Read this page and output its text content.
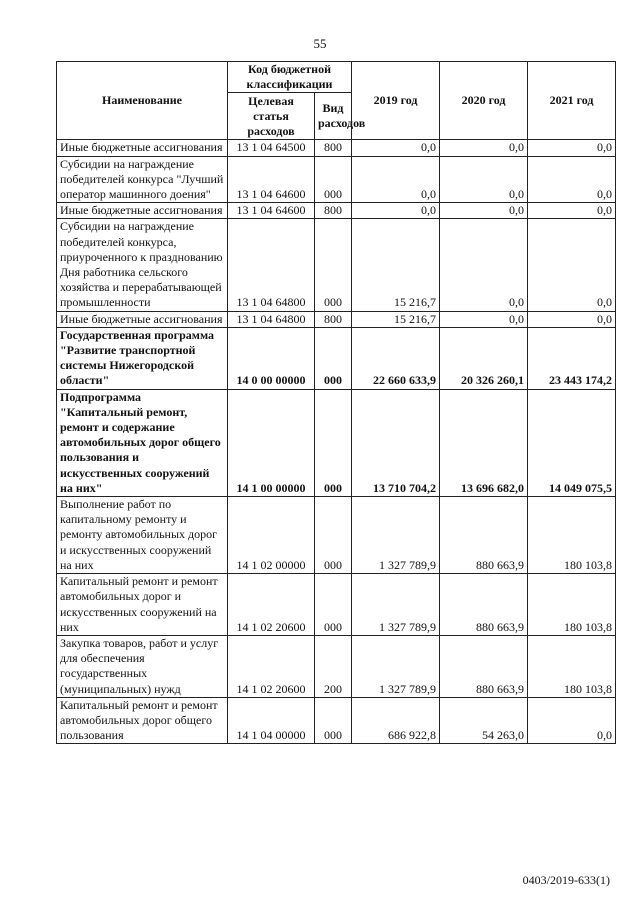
55
Наименование	Код бюджетной классификации		2019 год	2020 год	2021 год
	Целевая статья расходов	Вид расходов			
Иные бюджетные ассигнования	13 1 04 64500	800	0,0	0,0	0,0
Субсидии на награждение победителей конкурса "Лучший оператор машинного доения"	13 1 04 64600	000	0,0	0,0	0,0
Иные бюджетные ассигнования	13 1 04 64600	800	0,0	0,0	0,0
Субсидии на награждение победителей конкурса, приуроченного к празднованию Дня работника сельского хозяйства и перерабатывающей промышленности	13 1 04 64800	000	15 216,7	0,0	0,0
Иные бюджетные ассигнования	13 1 04 64800	800	15 216,7	0,0	0,0
Государственная программа "Развитие транспортной системы Нижегородской области"	14 0 00 00000	000	22 660 633,9	20 326 260,1	23 443 174,2
Подпрограмма "Капитальный ремонт, ремонт и содержание автомобильных дорог общего пользования и искусственных сооружений на них"	14 1 00 00000	000	13 710 704,2	13 696 682,0	14 049 075,5
Выполнение работ по капитальному ремонту и ремонту автомобильных дорог и искусственных сооружений на них	14 1 02 00000	000	1 327 789,9	880 663,9	180 103,8
Капитальный ремонт и ремонт автомобильных дорог и искусственных сооружений на них	14 1 02 20600	000	1 327 789,9	880 663,9	180 103,8
Закупка товаров, работ и услуг для обеспечения государственных (муниципальных) нужд	14 1 02 20600	200	1 327 789,9	880 663,9	180 103,8
Капитальный ремонт и ремонт автомобильных дорог общего пользования	14 1 04 00000	000	686 922,8	54 263,0	0,0
0403/2019-633(1)
